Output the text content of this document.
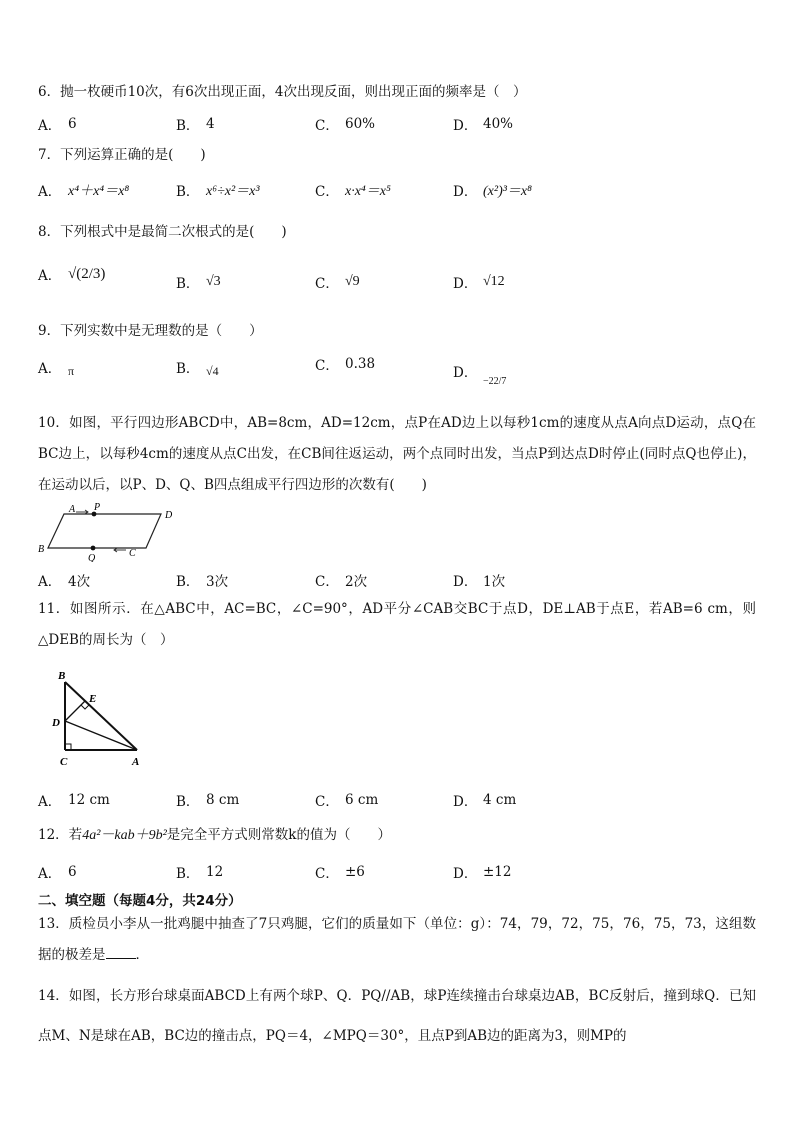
6．抛一枚硬币10次，有6次出现正面，4次出现反面，则出现正面的频率是（　）
A． 6	B． 4	C． 60%	D． 40%
7．下列运算正确的是(　　)
A． x⁴＋x⁴＝x⁸	B． x⁶÷x²＝x³	C． x·x⁴＝x⁵	D． (x²)³＝x⁸
8．下列根式中是最简二次根式的是(　　)
A． √(2/3)
B． √3	C． √9	D． √12
9．下列实数中是无理数的是（　　）
A． π	B． √4	C． 0.38
D．
−22/7
10．如图，平行四边形ABCD中，AB=8cm，AD=12cm，点P在AD边上以每秒1cm的速度从点A向点D运动，点Q在BC边上，以每秒4cm的速度从点C出发，在CB间往返运动，两个点同时出发，当点P到达点D时停止(同时点Q也停止)，在运动以后，以P、D、Q、B四点组成平行四边形的次数有(　　)
A P
D
B
Q	C
A． 4次	B． 3次	C． 2次	D． 1次
11．如图所示．在△ABC中，AC=BC，∠C=90°，AD平分∠CAB交BC于点D，DE⊥AB于点E，若AB=6 cm，则△DEB的周长为（　）
B
E
D
C	A
A． 12 cm	B． 8 cm	C． 6 cm	D． 4 cm
12．若4a²－kab＋9b²是完全平方式则常数k的值为（　　）
A． 6	B． 12	C． ±6	D． ±12
二、填空题（每题4分，共24分）
13．质检员小李从一批鸡腿中抽查了7只鸡腿，它们的质量如下（单位：g）：74，79，72，75，76，75，73，这组数据的极差是 ．
14．如图，长方形台球桌面ABCD上有两个球P、Q．PQ//AB，球P连续撞击台球桌边AB，BC反射后，撞到球Q．已知点M、N是球在AB，BC边的撞击点，PQ＝4，∠MPQ＝30°，且点P到AB边的距离为3，则MP的
